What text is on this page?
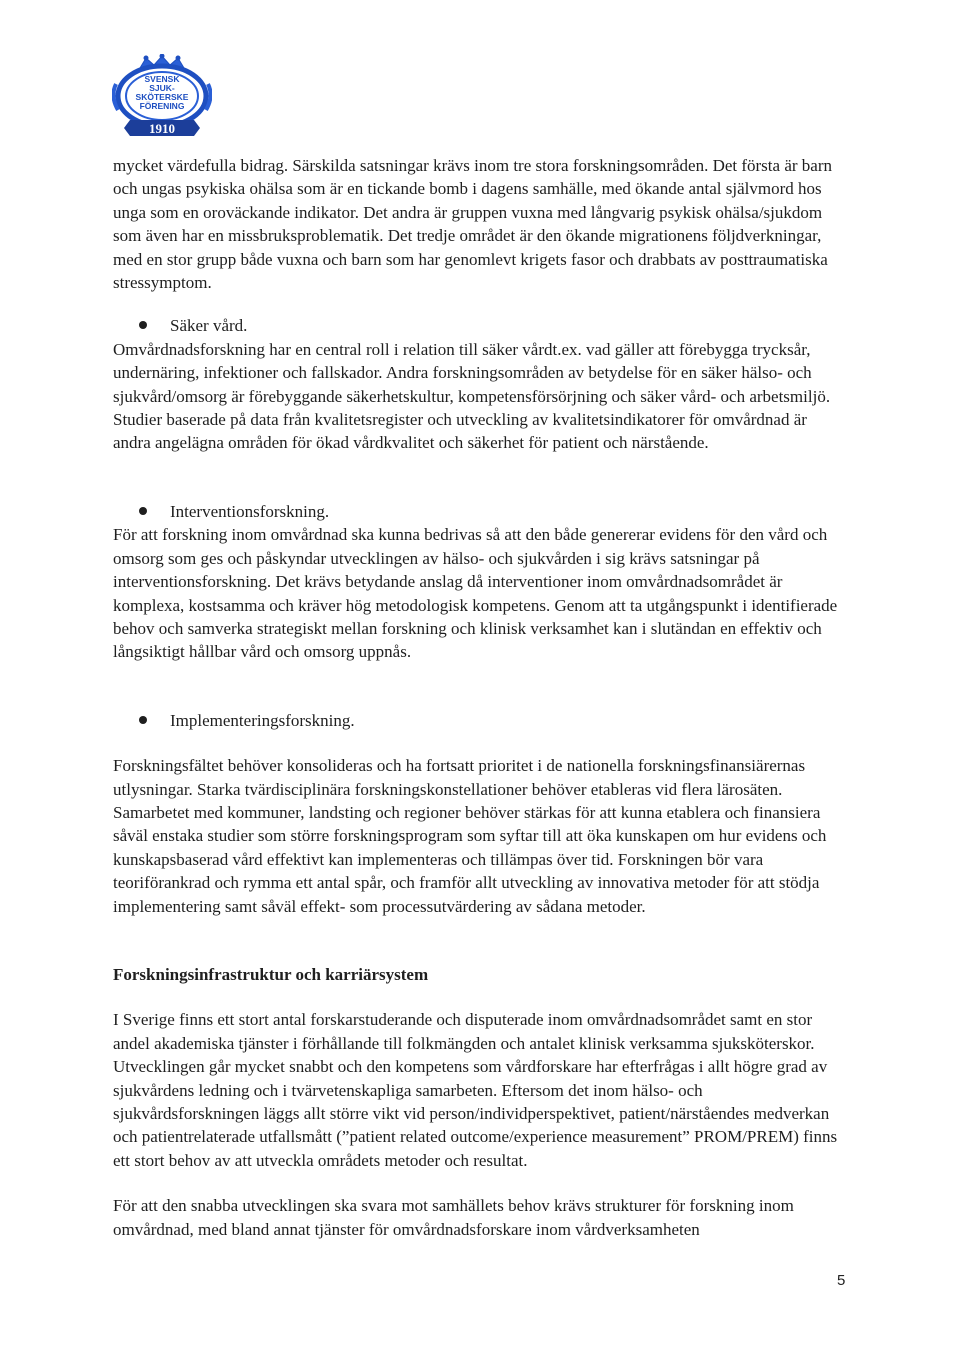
SVENSK
SJUK-
SKÖTERSKE
FÖRENING
1910

mycket värdefulla bidrag. Särskilda satsningar krävs inom tre stora forskningsområden. Det första är barn och ungas psykiska ohälsa som är en tickande bomb i dagens samhälle, med ökande antal självmord hos unga som en oroväckande indikator. Det andra är gruppen vuxna med långvarig psykisk ohälsa/sjukdom som även har en missbruksproblematik. Det tredje området är den ökande migrationens följdverkningar, med en stor grupp både vuxna och barn som har genomlevt krigets fasor och drabbats av posttraumatiska stressymptom.

Säker vård.

Omvårdnadsforskning har en central roll i relation till säker vårdt.ex. vad gäller att förebygga trycksår, undernäring, infektioner och fallskador. Andra forskningsområden av betydelse för en säker hälso- och sjukvård/omsorg är förebyggande säkerhetskultur, kompetensförsörjning och säker vård- och arbetsmiljö. Studier baserade på data från kvalitetsregister och utveckling av kvalitetsindikatorer för omvårdnad är andra angelägna områden för ökad vårdkvalitet och säkerhet för patient och närstående.

Interventionsforskning.

För att forskning inom omvårdnad ska kunna bedrivas så att den både genererar evidens för den vård och omsorg som ges och påskyndar utvecklingen av hälso- och sjukvården i sig krävs satsningar på interventionsforskning. Det krävs betydande anslag då interventioner inom omvårdnadsområdet är komplexa, kostsamma och kräver hög metodologisk kompetens. Genom att ta utgångspunkt i identifierade behov och samverka strategiskt mellan forskning och klinisk verksamhet kan i slutändan en effektiv och långsiktigt hållbar vård och omsorg uppnås.

Implementeringsforskning.

Forskningsfältet behöver konsolideras och ha fortsatt prioritet i de nationella forskningsfinansiärernas utlysningar. Starka tvärdisciplinära forskningskonstellationer behöver etableras vid flera lärosäten. Samarbetet med kommuner, landsting och regioner behöver stärkas för att kunna etablera och finansiera såväl enstaka studier som större forskningsprogram som syftar till att öka kunskapen om hur evidens och kunskapsbaserad vård effektivt kan implementeras och tillämpas över tid. Forskningen bör vara teoriförankrad och rymma ett antal spår, och framför allt utveckling av innovativa metoder för att stödja implementering samt såväl effekt- som processutvärdering av sådana metoder.

Forskningsinfrastruktur och karriärsystem

I Sverige finns ett stort antal forskarstuderande och disputerade inom omvårdnadsområdet samt en stor andel akademiska tjänster i förhållande till folkmängden och antalet klinisk verksamma sjuksköterskor. Utvecklingen går mycket snabbt och den kompetens som vårdforskare har efterfrågas i allt högre grad av sjukvårdens ledning och i tvärvetenskapliga samarbeten. Eftersom det inom hälso- och sjukvårdsforskningen läggs allt större vikt vid person/individperspektivet, patient/närståendes medverkan och patientrelaterade utfallsmått (”patient related outcome/experience measurement” PROM/PREM) finns ett stort behov av att utveckla områdets metoder och resultat.

För att den snabba utvecklingen ska svara mot samhällets behov krävs strukturer för forskning inom omvårdnad, med bland annat tjänster för omvårdnadsforskare inom vårdverksamheten

5
